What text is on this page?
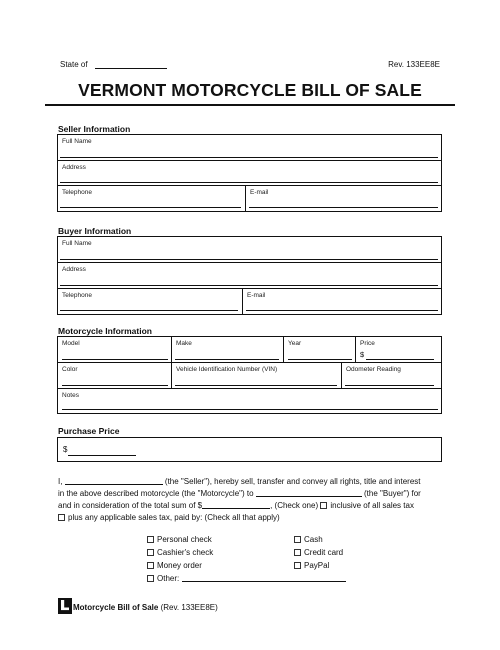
State of	Rev. 133EE8E
VERMONT MOTORCYCLE BILL OF SALE
Seller Information
Full Name
Address
Telephone	E-mail
Buyer Information
Full Name
Address
Telephone	E-mail
Motorcycle Information
Model	Make	Year	Price
$
Color	Vehicle Identification Number (VIN)	Odometer Reading
Notes
Purchase Price
$
I,	(the "Seller"), hereby sell, transfer and convey all rights, title and interest
in the above described motorcycle (the "Motorcycle") to	(the "Buyer") for
and in consideration of the total sum of $	, (Check one) inclusive of all sales tax
plus any applicable sales tax, paid by: (Check all that apply)
Personal check
Cashier's check
Money order
Other:
Cash
Credit card
PayPal
Motorcycle Bill of Sale (Rev. 133EE8E)
